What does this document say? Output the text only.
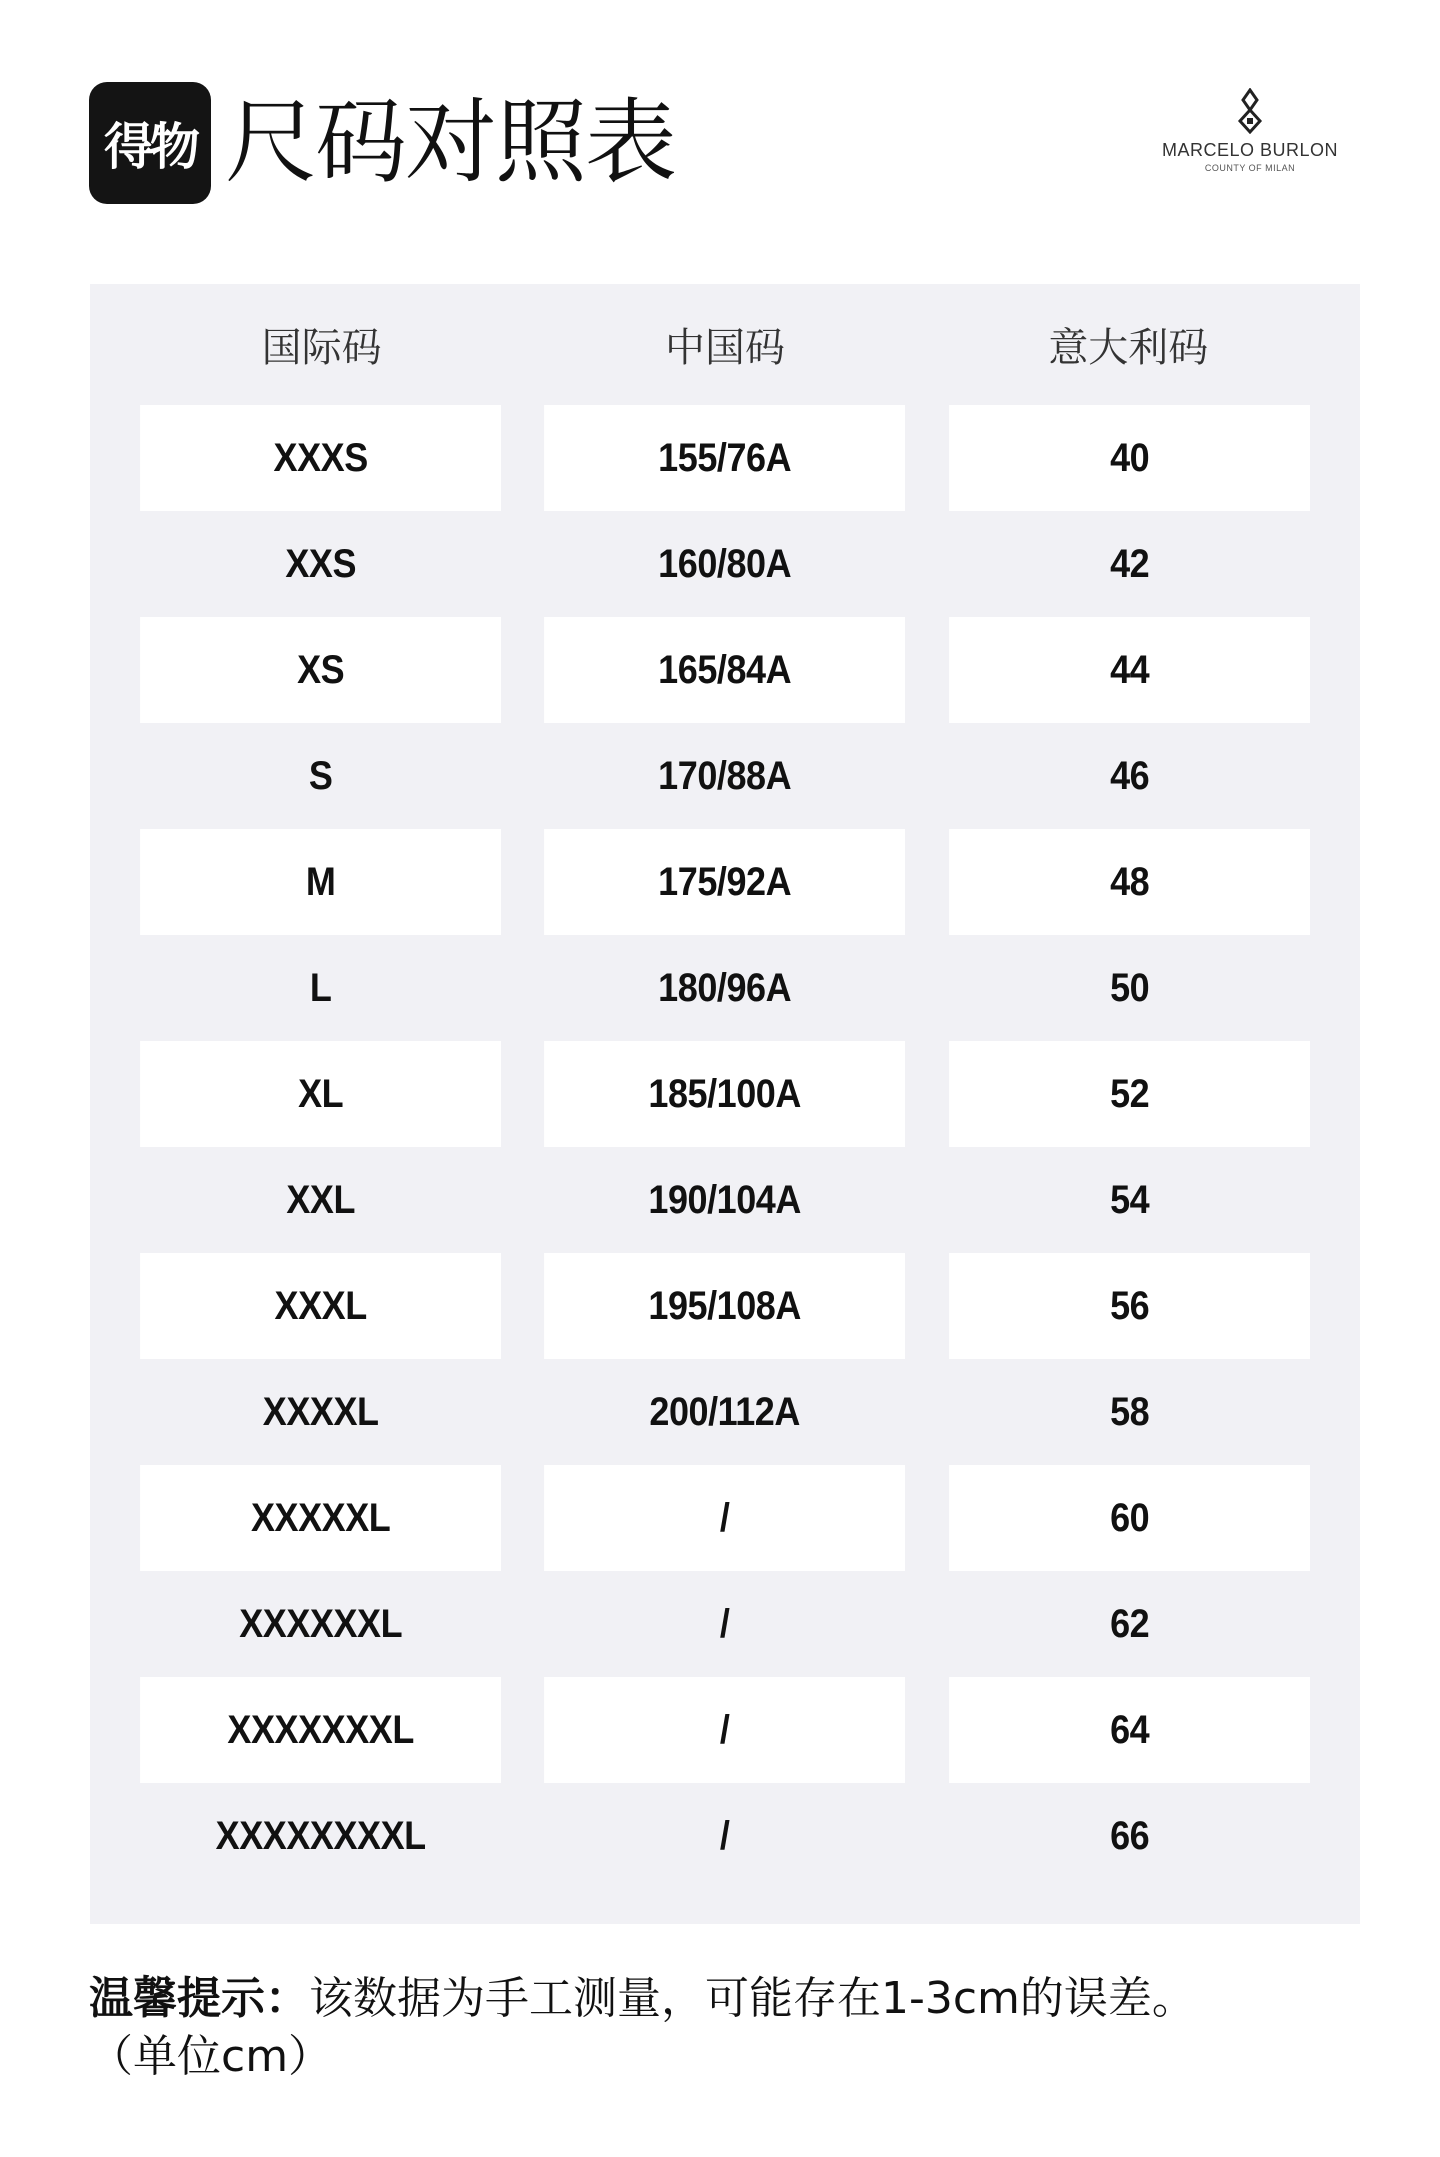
得物 尺码对照表	MARCELO BURLON
COUNTY OF MILAN
国际码	中国码	意大利码
XXXS	155/76A	40
XXS	160/80A	42
XS	165/84A	44
S	170/88A	46
M	175/92A	48
L	180/96A	50
XL	185/100A	52
XXL	190/104A	54
XXXL	195/108A	56
XXXXL	200/112A	58
XXXXXL	/	60
XXXXXXL	/	62
XXXXXXXL	/	64
XXXXXXXXL	/	66
温馨提示：该数据为手工测量，可能存在1-3cm的误差。
（单位cm）
